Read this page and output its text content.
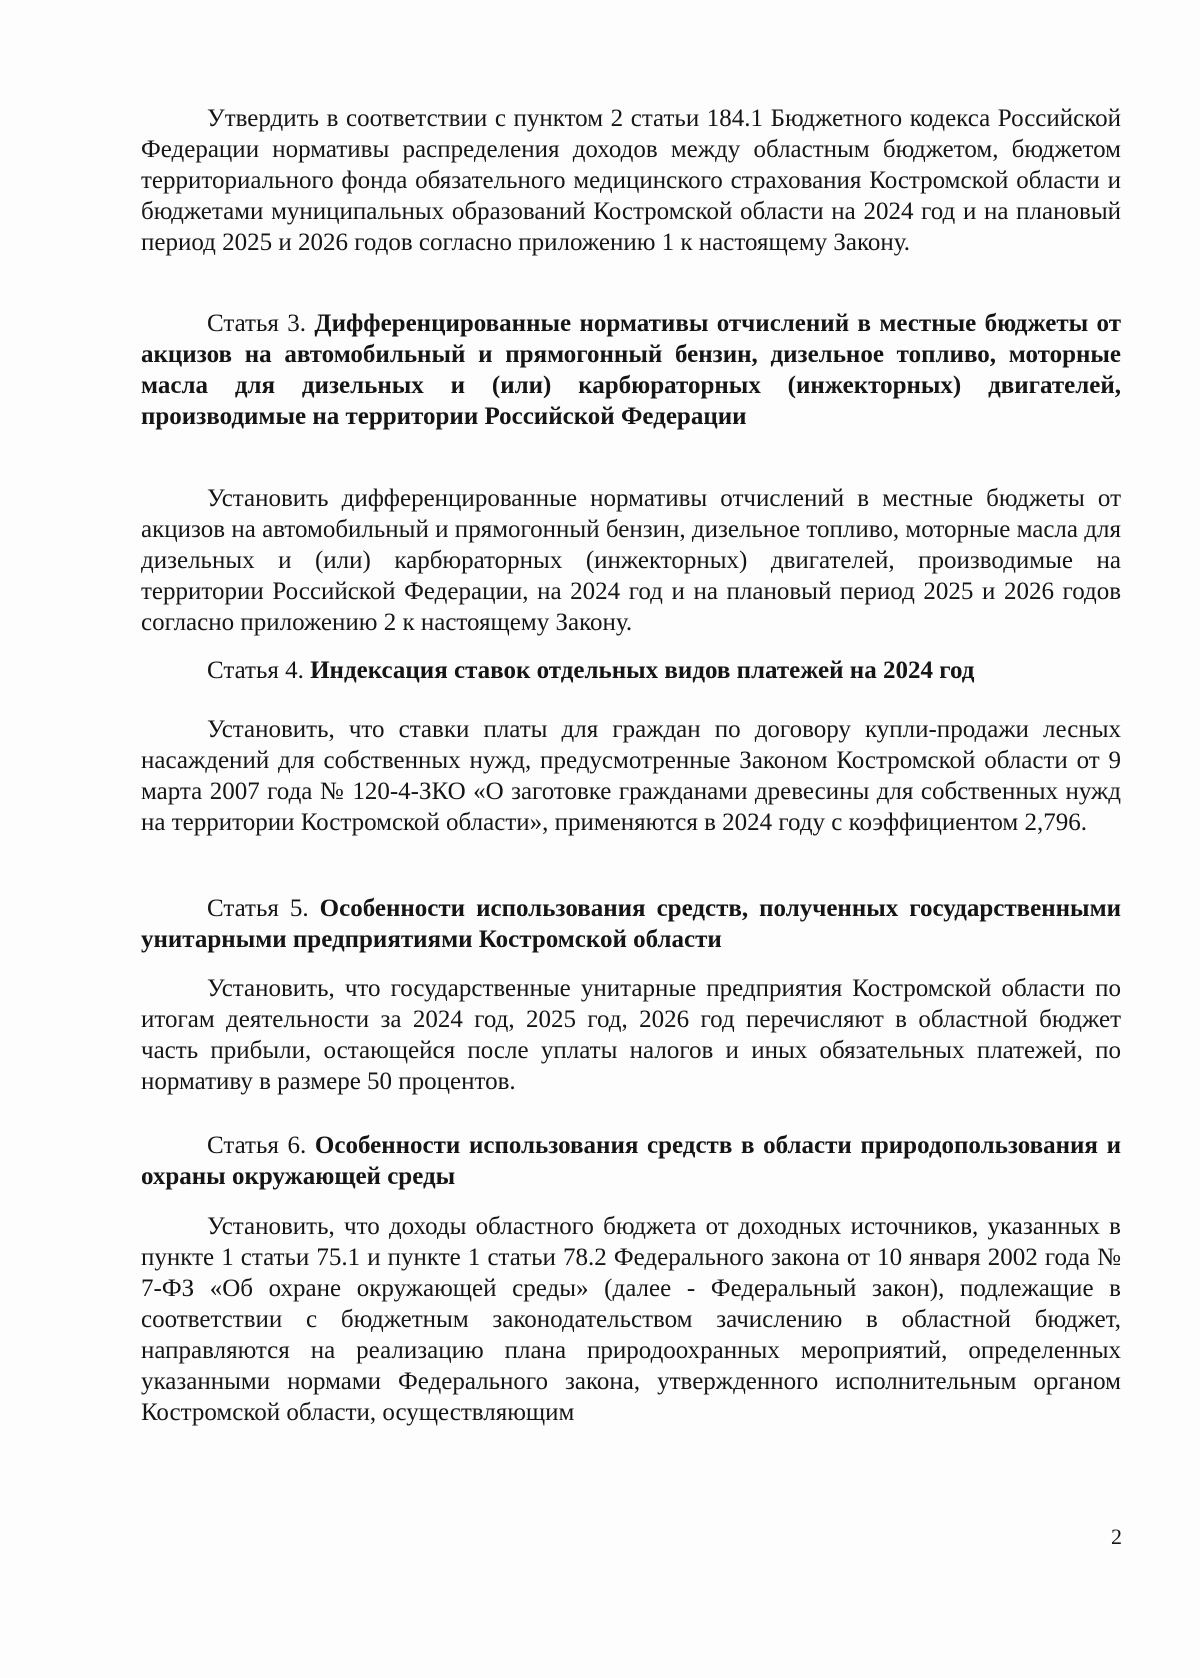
Утвердить в соответствии с пунктом 2 статьи 184.1 Бюджетного кодекса Российской Федерации нормативы распределения доходов между областным бюджетом, бюджетом территориального фонда обязательного медицинского страхования Костромской области и бюджетами муниципальных образований Костромской области на 2024 год и на плановый период 2025 и 2026 годов согласно приложению 1 к настоящему Закону.

Статья 3. Дифференцированные нормативы отчислений в местные бюджеты от акцизов на автомобильный и прямогонный бензин, дизельное топливо, моторные масла для дизельных и (или) карбюраторных (инжекторных) двигателей, производимые на территории Российской Федерации

Установить дифференцированные нормативы отчислений в местные бюджеты от акцизов на автомобильный и прямогонный бензин, дизельное топливо, моторные масла для дизельных и (или) карбюраторных (инжекторных) двигателей, производимые на территории Российской Федерации, на 2024 год и на плановый период 2025 и 2026 годов согласно приложению 2 к настоящему Закону.

Статья 4. Индексация ставок отдельных видов платежей на 2024 год

Установить, что ставки платы для граждан по договору купли-продажи лесных насаждений для собственных нужд, предусмотренные Законом Костромской области от 9 марта 2007 года № 120-4-ЗКО «О заготовке гражданами древесины для собственных нужд на территории Костромской области», применяются в 2024 году с коэффициентом 2,796.

Статья 5. Особенности использования средств, полученных государственными унитарными предприятиями Костромской области

Установить, что государственные унитарные предприятия Костромской области по итогам деятельности за 2024 год, 2025 год, 2026 год перечисляют в областной бюджет часть прибыли, остающейся после уплаты налогов и иных обязательных платежей, по нормативу в размере 50 процентов.

Статья 6. Особенности использования средств в области природопользования и охраны окружающей среды

Установить, что доходы областного бюджета от доходных источников, указанных в пункте 1 статьи 75.1 и пункте 1 статьи 78.2 Федерального закона от 10 января 2002 года № 7-ФЗ «Об охране окружающей среды» (далее - Федеральный закон), подлежащие в соответствии с бюджетным законодательством зачислению в областной бюджет, направляются на реализацию плана природоохранных мероприятий, определенных указанными нормами Федерального закона, утвержденного исполнительным органом Костромской области, осуществляющим

2
